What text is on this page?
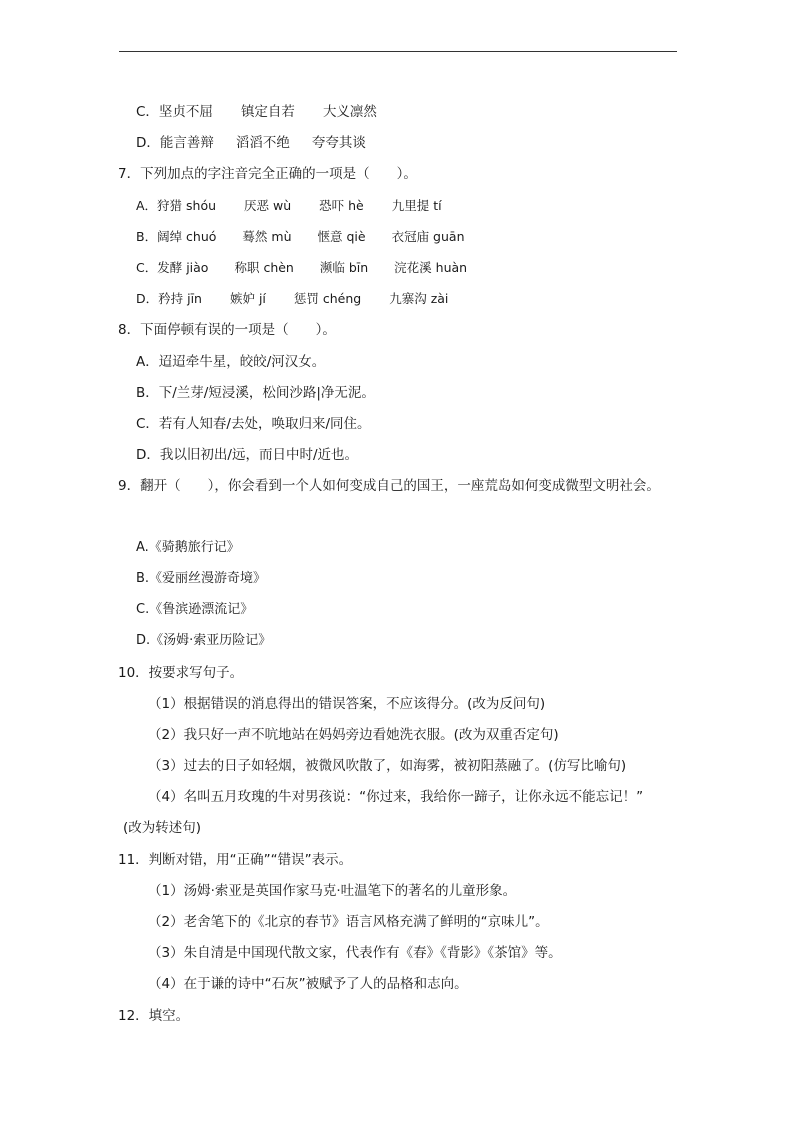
C．坚贞不屈 镇定自若 大义凛然
D．能言善辩 滔滔不绝 夸夸其谈
7．下列加点的字注音完全正确的一项是（　　）。
A．狩猎 shóu 厌恶 wù 恐吓 hè 九里提 tí
B．阔绰 chuó 蓦然 mù 惬意 qiè 衣冠庙 guān
C．发酵 jiào 称职 chèn 濒临 bīn 浣花溪 huàn
D．矜持 jīn 嫉妒 jí 惩罚 chéng 九寨沟 zài
8．下面停顿有误的一项是（　　）。
A．迢迢牵牛星，皎皎/河汉女。
B．下/兰芽/短浸溪，松间沙路|净无泥。
C．若有人知春/去处，唤取归来/同住。
D．我以旧初出/远，而日中时/近也。
9．翻开（　　），你会看到一个人如何变成自己的国王，一座荒岛如何变成微型文明社会。
A.《骑鹅旅行记》
B.《爱丽丝漫游奇境》
C.《鲁滨逊漂流记》
D.《汤姆·索亚历险记》
10．按要求写句子。
（1）根据错误的消息得出的错误答案，不应该得分。(改为反问句)
（2）我只好一声不吭地站在妈妈旁边看她洗衣服。(改为双重否定句)
（3）过去的日子如轻烟，被微风吹散了，如海雾，被初阳蒸融了。(仿写比喻句)
（4）名叫五月玫瑰的牛对男孩说：“你过来，我给你一蹄子，让你永远不能忘记！”
(改为转述句)
11．判断对错，用“正确”“错误”表示。
（1）汤姆·索亚是英国作家马克·吐温笔下的著名的儿童形象。
（2）老舍笔下的《北京的春节》语言风格充满了鲜明的“京味儿”。
（3）朱自清是中国现代散文家，代表作有《春》《背影》《茶馆》等。
（4）在于谦的诗中“石灰”被赋予了人的品格和志向。
12．填空。
